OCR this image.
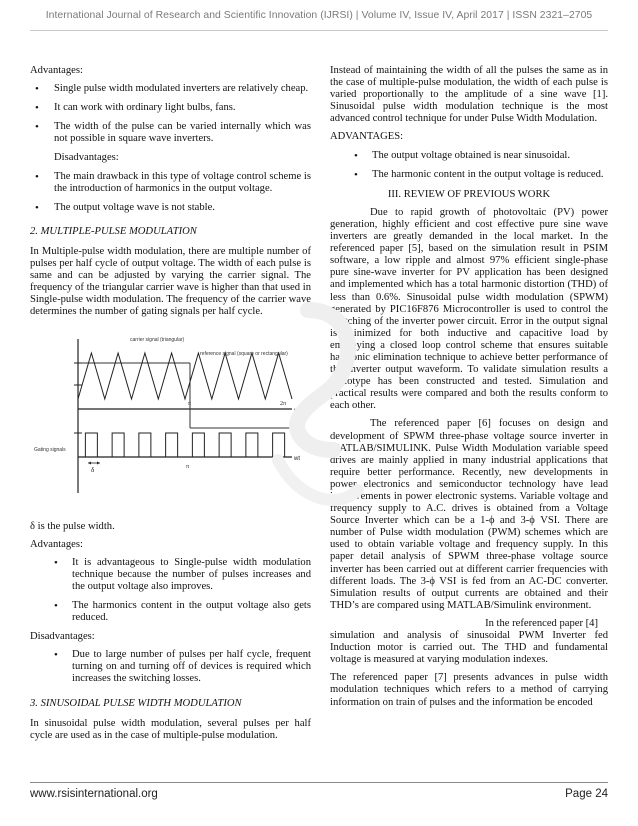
International Journal of Research and Scientific Innovation (IJRSI) | Volume IV, Issue IV, April 2017 | ISSN 2321–2705

Advantages:

• Single pulse width modulated inverters are relatively cheap.
• It can work with ordinary light bulbs, fans.
• The width of the pulse can be varied internally which was not possible in square wave inverters.

Disadvantages:

• The main drawback in this type of voltage control scheme is the introduction of harmonics in the output voltage.
• The output voltage wave is not stable.

2. MULTIPLE-PULSE MODULATION

In Multiple-pulse width modulation, there are multiple number of pulses per half cycle of output voltage. The width of each pulse is same and can be adjusted by varying the carrier signal. The frequency of the triangular carrier wave is higher than that used in Single-pulse width modulation. The frequency of the carrier wave determines the number of gating signals per half cycle.

carrier signal (triangular)
reference signal (square or rectangular)
Gating signals
wt
wt
π	2π
π	2π
δ

δ is the pulse width.

Advantages:

• It is advantageous to Single-pulse width modulation technique because the number of pulses increases and the output voltage also improves.
• The harmonics content in the output voltage also gets reduced.

Disadvantages:

• Due to large number of pulses per half cycle, frequent turning on and turning off of devices is required which increases the switching losses.

3. SINUSOIDAL PULSE WIDTH MODULATION

In sinusoidal pulse width modulation, several pulses per half cycle are used as in the case of multiple-pulse modulation.

Instead of maintaining the width of all the pulses the same as in the case of multiple-pulse modulation, the width of each pulse is varied proportionally to the amplitude of a sine wave [1]. Sinusoidal pulse width modulation technique is the most advanced control technique for under Pulse Width Modulation.

ADVANTAGES:

• The output voltage obtained is near sinusoidal.
• The harmonic content in the output voltage is reduced.

III. REVIEW OF PREVIOUS WORK

Due to rapid growth of photovoltaic (PV) power generation, highly efficient and cost effective pure sine wave inverters are greatly demanded in the local market. In the referenced paper [5], based on the simulation result in PSIM software, a low ripple and almost 97% efficient single-phase pure sine-wave inverter for PV application has been designed and implemented which has a total harmonic distortion (THD) of less than 0.6%. Sinusoidal pulse width modulation (SPWM) generated by PIC16F876 Microcontroller is used to control the switching of the inverter power circuit. Error in the output signal is minimized for both inductive and capacitive load by employing a closed loop control scheme that ensures suitable harmonic elimination technique to achieve better performance of the inverter output waveform. To validate simulation results a prototype has been constructed and tested. Simulation and practical results were compared and both the results conform to each other.

The referenced paper [6] focuses on design and development of SPWM three-phase voltage source inverter in MATLAB/SIMULINK. Pulse Width Modulation variable speed drives are mainly applied in many industrial applications that require better performance. Recently, new developments in power electronics and semiconductor technology have lead improvements in power electronic systems. Variable voltage and frequency supply to A.C. drives is obtained from a Voltage Source Inverter which can be a 1-ϕ and 3-ϕ VSI. There are number of Pulse width modulation (PWM) schemes which are used to obtain variable voltage and frequency supply. In this paper detail analysis of SPWM three-phase voltage source inverter has been carried out at different carrier frequencies with different loads. The 3-ϕ VSI is fed from an AC-DC converter. Simulation results of output currents are obtained and their THD’s are compared using MATLAB/Simulink environment.

In the referenced paper [4]

simulation and analysis of sinusoidal PWM Inverter fed Induction motor is carried out. The THD and fundamental voltage is measured at varying modulation indexes.

The referenced paper [7] presents advances in pulse width modulation techniques which refers to a method of carrying information on train of pulses and the information be encoded

www.rsisinternational.org	Page 24
